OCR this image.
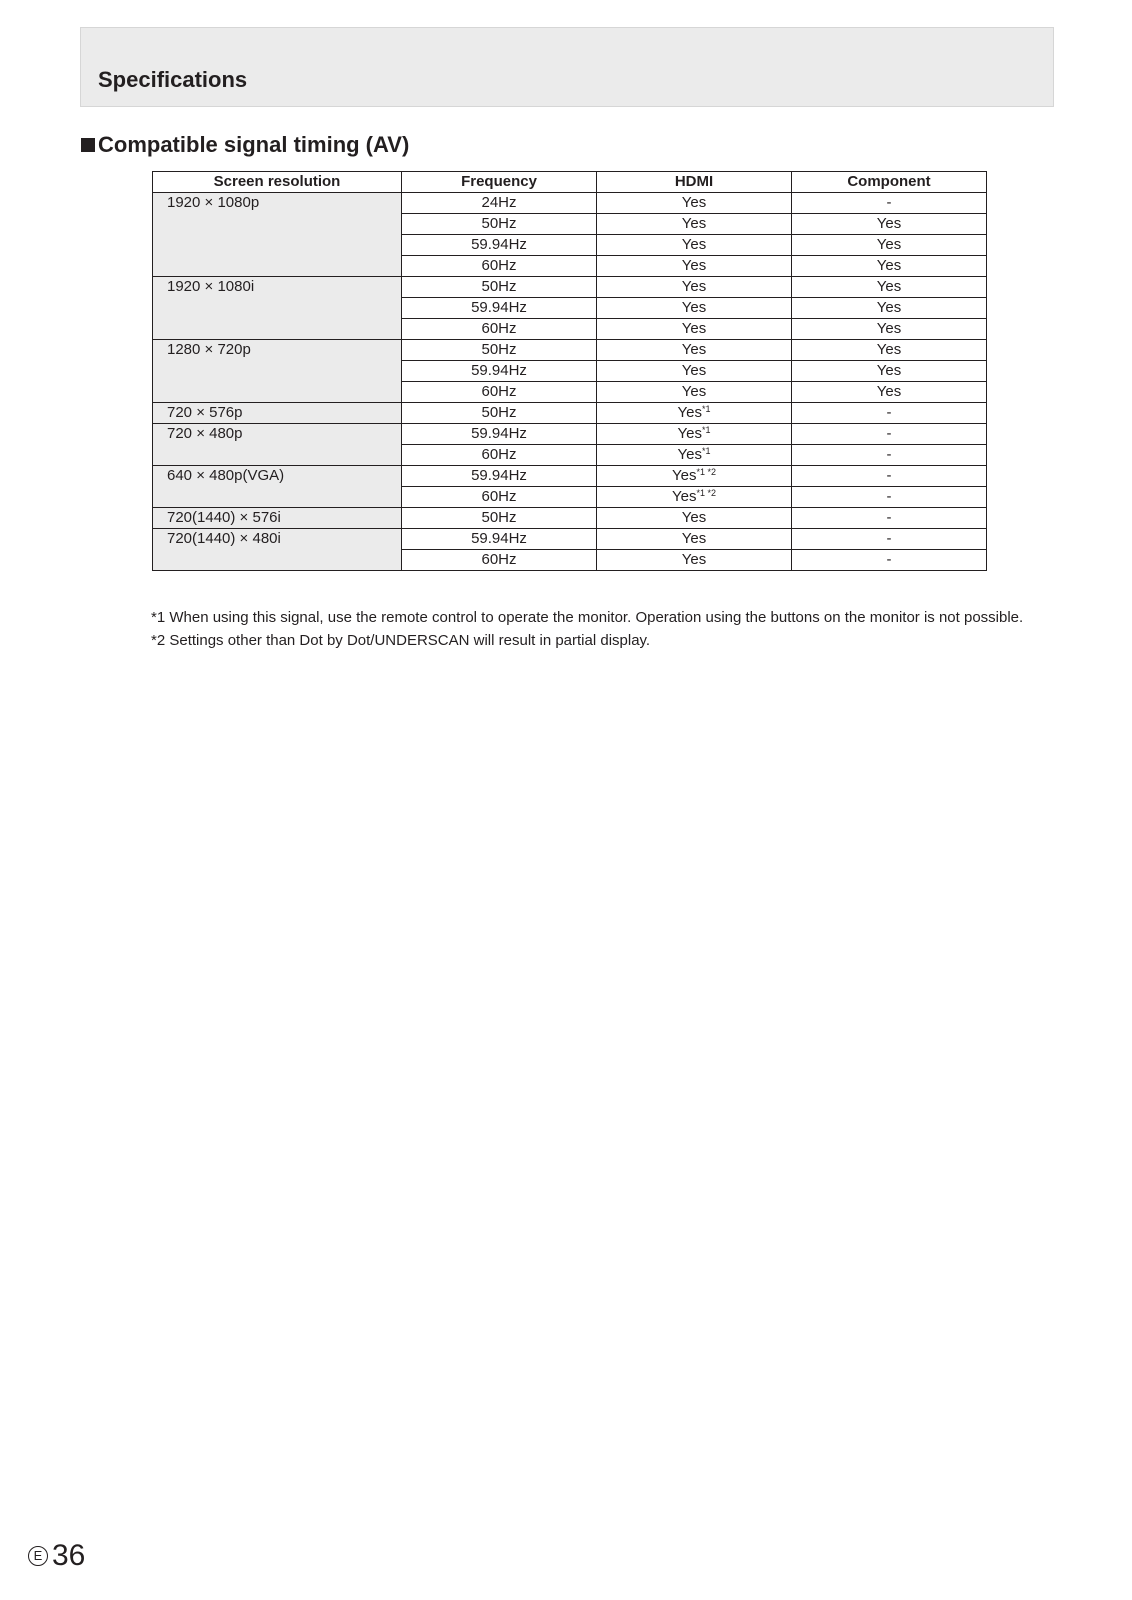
Specifications
Compatible signal timing (AV)
Screen resolution	Frequency	HDMI	Component
1920 × 1080p	24Hz	Yes	-
	50Hz	Yes	Yes
	59.94Hz	Yes	Yes
	60Hz	Yes	Yes
1920 × 1080i	50Hz	Yes	Yes
	59.94Hz	Yes	Yes
	60Hz	Yes	Yes
1280 × 720p	50Hz	Yes	Yes
	59.94Hz	Yes	Yes
	60Hz	Yes	Yes
720 × 576p	50Hz	Yes$^{*1}$	-
720 × 480p	59.94Hz	Yes$^{*1}$	-
	60Hz	Yes$^{*1}$	-
640 × 480p(VGA)	59.94Hz	Yes$^{*1 *2}$	-
	60Hz	Yes$^{*1 *2}$	-
720(1440) × 576i	50Hz	Yes	-
720(1440) × 480i	59.94Hz	Yes	-
	60Hz	Yes	-
*1 When using this signal, use the remote control to operate the monitor. Operation using the buttons on the monitor is not possible.
*2 Settings other than Dot by Dot/UNDERSCAN will result in partial display.
E 36
